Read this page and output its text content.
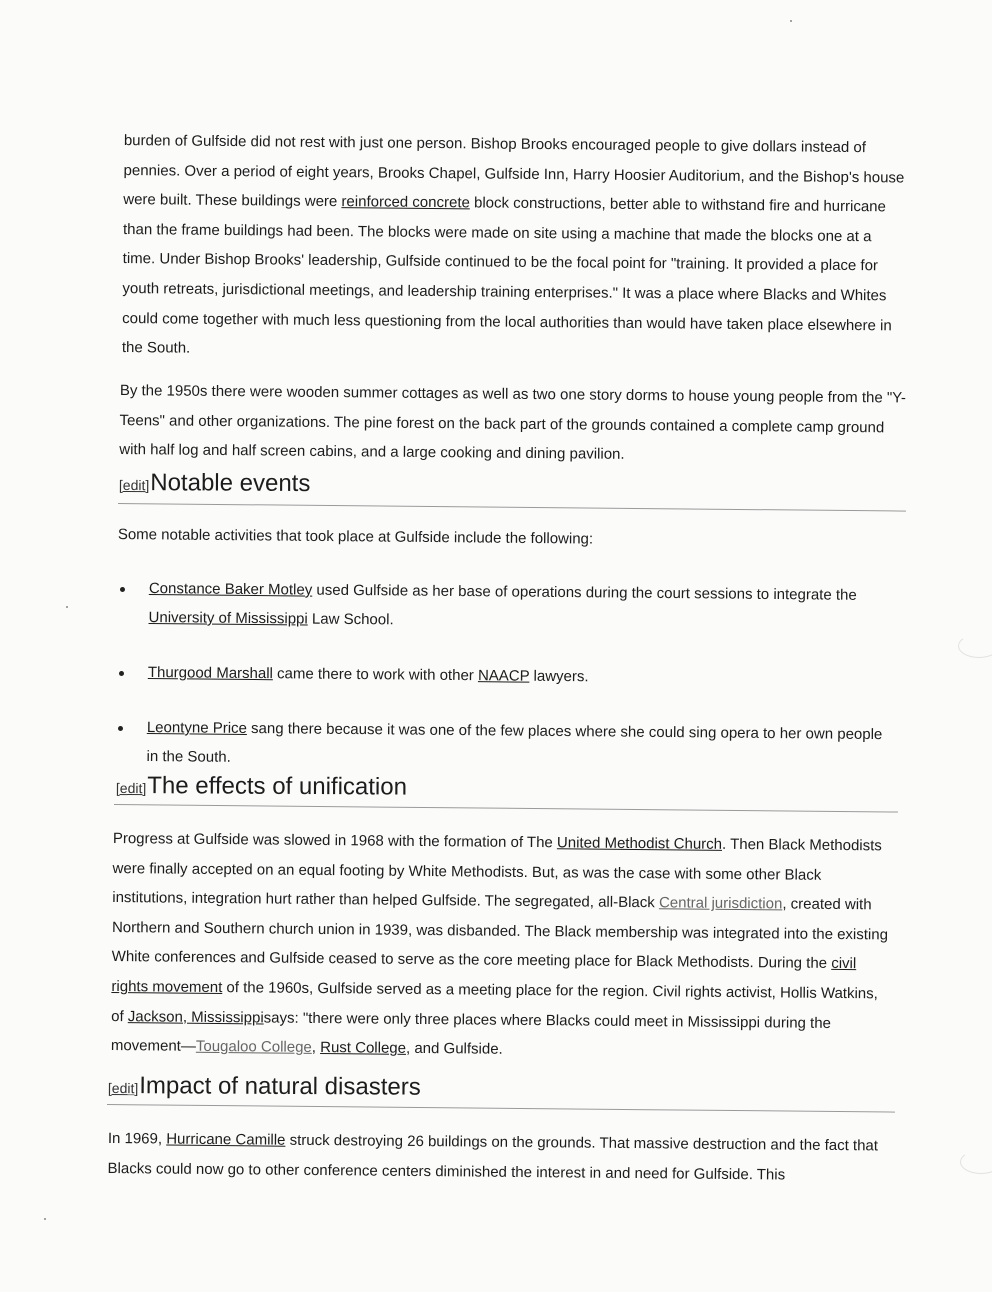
burden of Gulfside did not rest with just one person. Bishop Brooks encouraged people to give dollars instead of pennies. Over a period of eight years, Brooks Chapel, Gulfside Inn, Harry Hoosier Auditorium, and the Bishop's house were built. These buildings were reinforced concrete block constructions, better able to withstand fire and hurricane than the frame buildings had been. The blocks were made on site using a machine that made the blocks one at a time. Under Bishop Brooks' leadership, Gulfside continued to be the focal point for "training. It provided a place for youth retreats, jurisdictional meetings, and leadership training enterprises." It was a place where Blacks and Whites could come together with much less questioning from the local authorities than would have taken place elsewhere in the South.

By the 1950s there were wooden summer cottages as well as two one story dorms to house young people from the "Y-Teens" and other organizations. The pine forest on the back part of the grounds contained a complete camp ground with half log and half screen cabins, and a large cooking and dining pavilion.

[edit]Notable events

Some notable activities that took place at Gulfside include the following:

Constance Baker Motley used Gulfside as her base of operations during the court sessions to integrate the University of Mississippi Law School.

Thurgood Marshall came there to work with other NAACP lawyers.

Leontyne Price sang there because it was one of the few places where she could sing opera to her own people in the South.

[edit]The effects of unification

Progress at Gulfside was slowed in 1968 with the formation of The United Methodist Church. Then Black Methodists were finally accepted on an equal footing by White Methodists. But, as was the case with some other Black institutions, integration hurt rather than helped Gulfside. The segregated, all-Black Central jurisdiction, created with Northern and Southern church union in 1939, was disbanded. The Black membership was integrated into the existing White conferences and Gulfside ceased to serve as the core meeting place for Black Methodists. During the civil rights movement of the 1960s, Gulfside served as a meeting place for the region. Civil rights activist, Hollis Watkins, of Jackson, Mississippisays: "there were only three places where Blacks could meet in Mississippi during the movement—Tougaloo College, Rust College, and Gulfside.

[edit]Impact of natural disasters

In 1969, Hurricane Camille struck destroying 26 buildings on the grounds. That massive destruction and the fact that Blacks could now go to other conference centers diminished the interest in and need for Gulfside. This
